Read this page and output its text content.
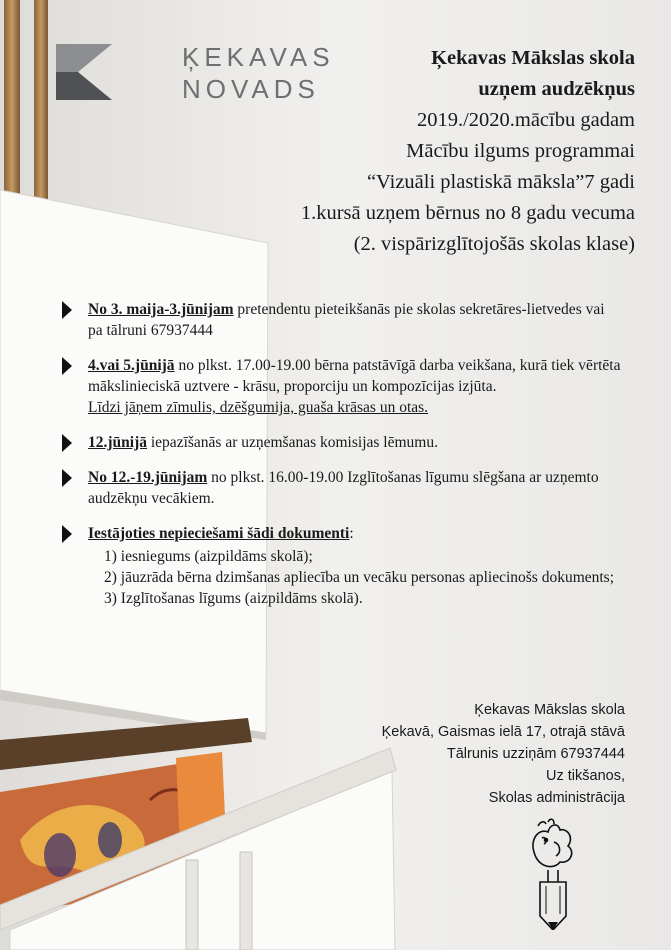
ĶEKAVAS
NOVADS
Ķekavas Mākslas skola
uzņem audzēkņus
2019./2020.mācību gadam
Mācību ilgums programmai
“Vizuāli plastiskā māksla”7 gadi
1.kursā uzņem bērnus no 8 gadu vecuma
(2. vispārizglītojošās skolas klase)
No 3. maija-3.jūnijam pretendentu pieteikšanās pie skolas sekretāres-lietvedes vai pa tālruni 67937444
4.vai 5.jūnijā no plkst. 17.00-19.00 bērna patstāvīgā darba veikšana, kurā tiek vērtēta mākslinieciskā uztvere - krāsu, proporciju un kompozīcijas izjūta.
Līdzi jāņem zīmulis, dzēšgumija, guaša krāsas un otas.
12.jūnijā iepazīšanās ar uzņemšanas komisijas lēmumu.
No 12.-19.jūnijam no plkst. 16.00-19.00 Izglītošanas līgumu slēgšana ar uzņemto audzēkņu vecākiem.
Iestājoties nepieciešami šādi dokumenti:
1) iesniegums (aizpildāms skolā);
2) jāuzrāda bērna dzimšanas apliecība un vecāku personas apliecinošs dokuments;
3) Izglītošanas līgums (aizpildāms skolā).
Ķekavas Mākslas skola
Ķekavā, Gaismas ielā 17, otrajā stāvā
Tālrunis uzziņām 67937444
Uz tikšanos,
Skolas administrācija
